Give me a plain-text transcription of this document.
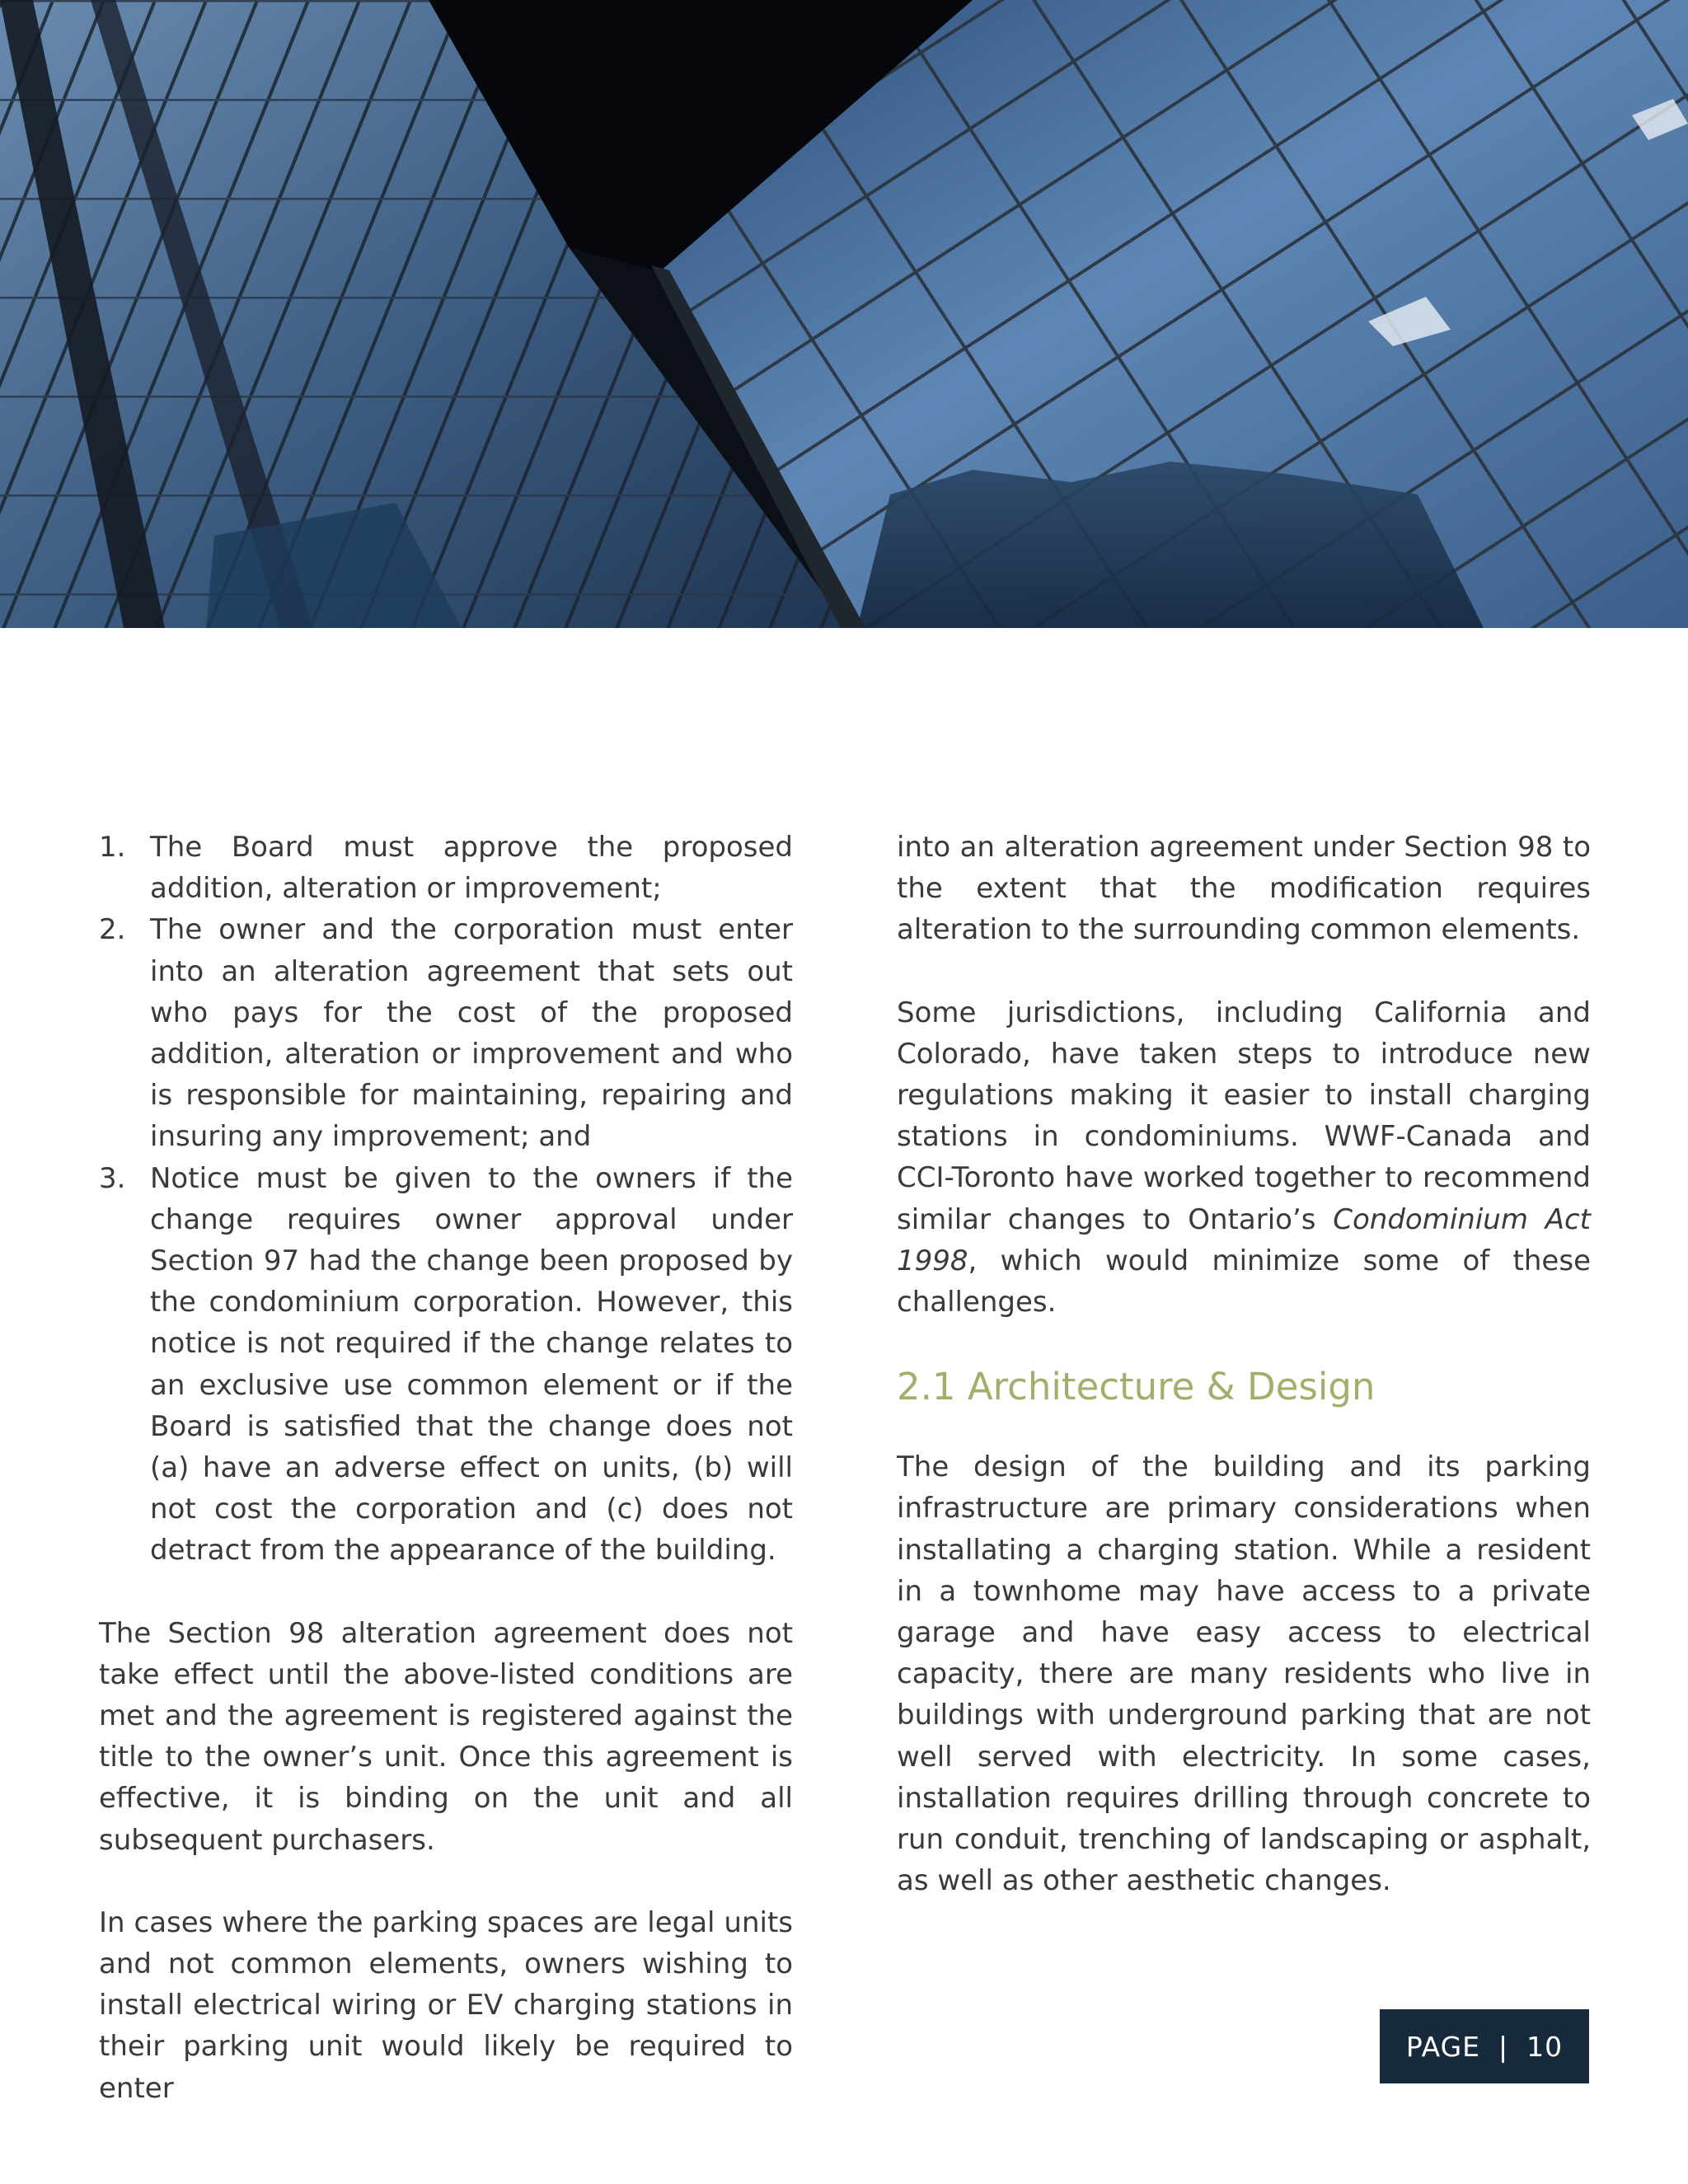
1. The Board must approve the proposed addition, alteration or improvement;
2. The owner and the corporation must enter into an alteration agreement that sets out who pays for the cost of the proposed addition, alteration or improvement and who is responsible for maintaining, repairing and insuring any improvement; and
3. Notice must be given to the owners if the change requires owner approval under Section 97 had the change been proposed by the condominium corporation. However, this notice is not required if the change relates to an exclusive use common element or if the Board is satisfied that the change does not (a) have an adverse effect on units, (b) will not cost the corporation and (c) does not detract from the appearance of the building.

The Section 98 alteration agreement does not take effect until the above-listed conditions are met and the agreement is registered against the title to the owner’s unit. Once this agreement is effective, it is binding on the unit and all subsequent purchasers.

In cases where the parking spaces are legal units and not common elements, owners wishing to install electrical wiring or EV charging stations in their parking unit would likely be required to enter

into an alteration agreement under Section 98 to the extent that the modification requires alteration to the surrounding common elements.

Some jurisdictions, including California and Colorado, have taken steps to introduce new regulations making it easier to install charging stations in condominiums. WWF-Canada and CCI-Toronto have worked together to recommend similar changes to Ontario’s Condominium Act 1998, which would minimize some of these challenges.

2.1 Architecture & Design

The design of the building and its parking infrastructure are primary considerations when installating a charging station. While a resident in a townhome may have access to a private garage and have easy access to electrical capacity, there are many residents who live in buildings with underground parking that are not well served with electricity. In some cases, installation requires drilling through concrete to run conduit, trenching of landscaping or asphalt, as well as other aesthetic changes.

PAGE | 10
